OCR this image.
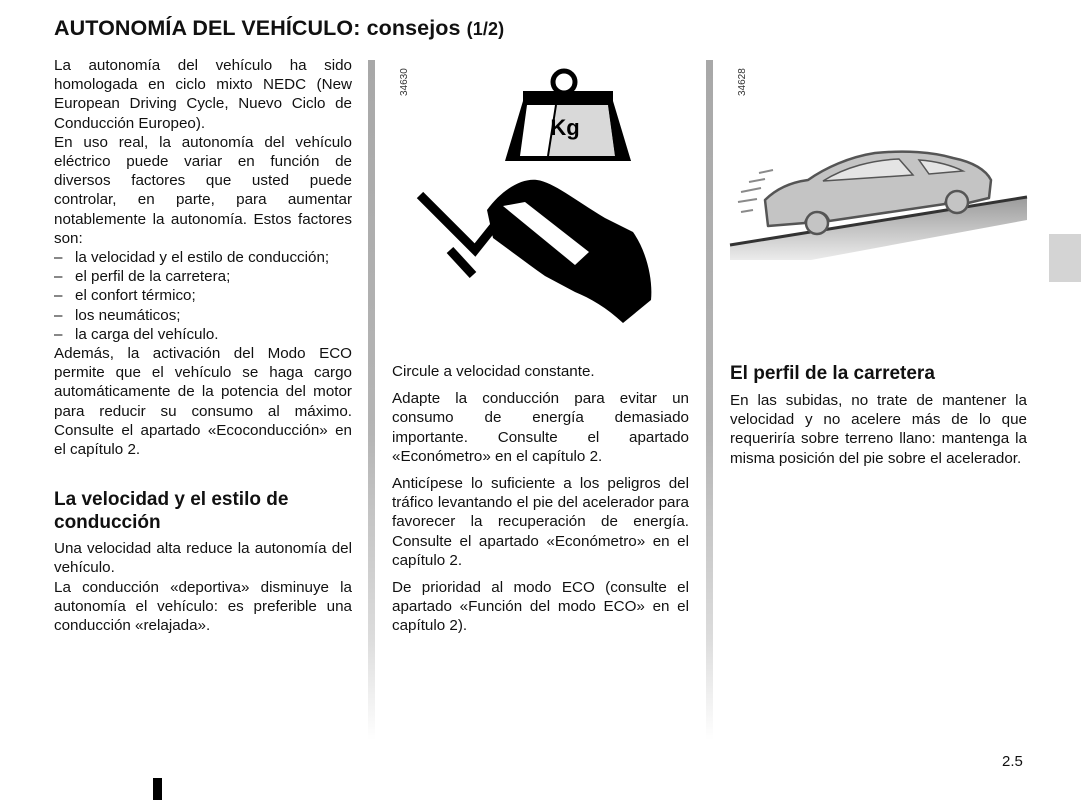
AUTONOMÍA DEL VEHÍCULO: consejos (1/2)

La autonomía del vehículo ha sido homologada en ciclo mixto NEDC (New European Driving Cycle, Nuevo Ciclo de Conducción Europeo).

En uso real, la autonomía del vehículo eléctrico puede variar en función de diversos factores que usted puede controlar, en parte, para aumentar notablemente la autonomía. Estos factores son:

– la velocidad y el estilo de conducción;
– el perfil de la carretera;
– el confort térmico;
– los neumáticos;
– la carga del vehículo.

Además, la activación del Modo ECO permite que el vehículo se haga cargo automáticamente de la potencia del motor para reducir su consumo al máximo. Consulte el apartado «Ecoconducción» en el capítulo 2.

La velocidad y el estilo de conducción

Una velocidad alta reduce la autonomía del vehículo.

La conducción «deportiva» disminuye la autonomía el vehículo: es preferible una conducción «relajada».

34630
Kg
34628

Circule a velocidad constante.

Adapte la conducción para evitar un consumo de energía demasiado importante. Consulte el apartado «Económetro» en el capítulo 2.

Anticípese lo suficiente a los peligros del tráfico levantando el pie del acelerador para favorecer la recuperación de energía. Consulte el apartado «Económetro» en el capítulo 2.

De prioridad al modo ECO (consulte el apartado «Función del modo ECO» en el capítulo 2).

El perfil de la carretera

En las subidas, no trate de mantener la velocidad y no acelere más de lo que requeriría sobre terreno llano: mantenga la misma posición del pie sobre el acelerador.

2.5
